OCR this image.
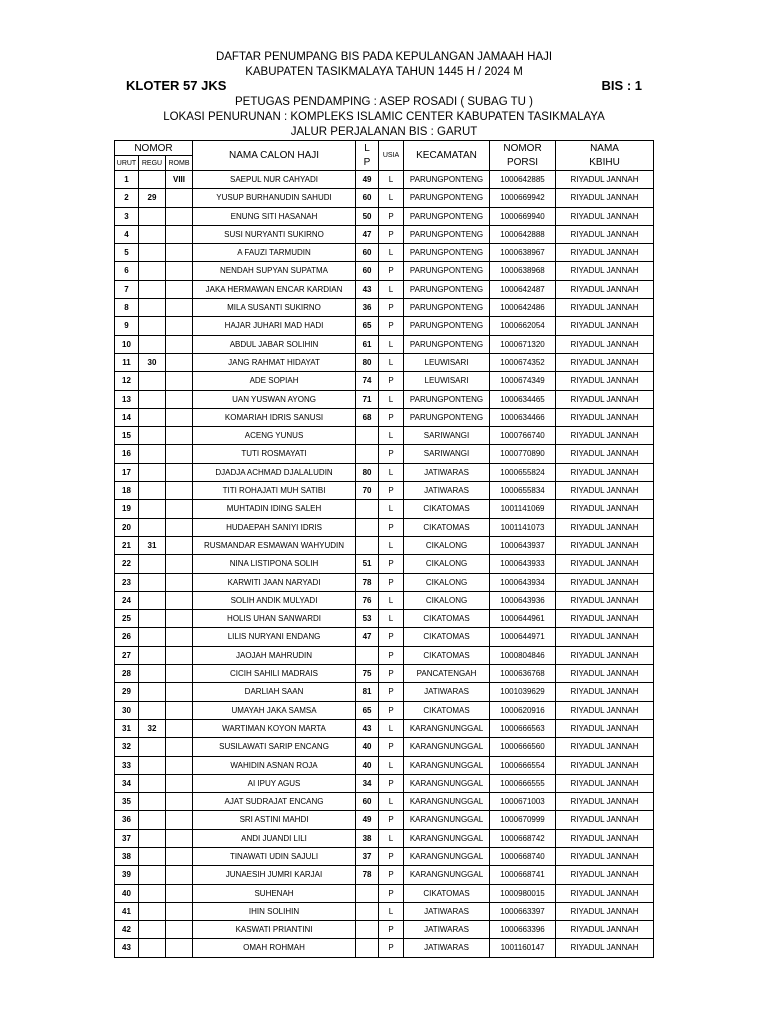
DAFTAR PENUMPANG BIS PADA KEPULANGAN JAMAAH HAJI
KABUPATEN TASIKMALAYA TAHUN 1445 H / 2024 M
KLOTER 57 JKS	BIS : 1
PETUGAS PENDAMPING : ASEP ROSADI ( SUBAG TU )
LOKASI PENURUNAN : KOMPLEKS ISLAMIC CENTER KABUPATEN TASIKMALAYA
JALUR PERJALANAN BIS : GARUT
NOMOR			NAMA CALON HAJI	L	USIA	KECAMATAN	NOMOR	NAMA
URUT	REGU	ROMB		P			PORSI	KBIHU
1		VIII	SAEPUL NUR CAHYADI	49	L	PARUNGPONTENG	1000642885	RIYADUL JANNAH
2	29		YUSUP BURHANUDIN SAHUDI	60	L	PARUNGPONTENG	1000669942	RIYADUL JANNAH
3			ENUNG SITI HASANAH	50	P	PARUNGPONTENG	1000669940	RIYADUL JANNAH
4			SUSI NURYANTI SUKIRNO	47	P	PARUNGPONTENG	1000642888	RIYADUL JANNAH
5			A FAUZI TARMUDIN	60	L	PARUNGPONTENG	1000638967	RIYADUL JANNAH
6			NENDAH SUPYAN SUPATMA	60	P	PARUNGPONTENG	1000638968	RIYADUL JANNAH
7			JAKA HERMAWAN ENCAR KARDIAN	43	L	PARUNGPONTENG	1000642487	RIYADUL JANNAH
8			MILA SUSANTI SUKIRNO	36	P	PARUNGPONTENG	1000642486	RIYADUL JANNAH
9			HAJAR JUHARI MAD HADI	65	P	PARUNGPONTENG	1000662054	RIYADUL JANNAH
10			ABDUL JABAR SOLIHIN	61	L	PARUNGPONTENG	1000671320	RIYADUL JANNAH
11	30		JANG RAHMAT HIDAYAT	80	L	LEUWISARI	1000674352	RIYADUL JANNAH
12			ADE SOPIAH	74	P	LEUWISARI	1000674349	RIYADUL JANNAH
13			UAN YUSWAN AYONG	71	L	PARUNGPONTENG	1000634465	RIYADUL JANNAH
14			KOMARIAH IDRIS SANUSI	68	P	PARUNGPONTENG	1000634466	RIYADUL JANNAH
15			ACENG YUNUS		L	SARIWANGI	1000766740	RIYADUL JANNAH
16			TUTI ROSMAYATI		P	SARIWANGI	1000770890	RIYADUL JANNAH
17			DJADJA ACHMAD DJALALUDIN	80	L	JATIWARAS	1000655824	RIYADUL JANNAH
18			TITI ROHAJATI MUH SATIBI	70	P	JATIWARAS	1000655834	RIYADUL JANNAH
19			MUHTADIN IDING SALEH		L	CIKATOMAS	1001141069	RIYADUL JANNAH
20			HUDAEPAH SANIYI IDRIS		P	CIKATOMAS	1001141073	RIYADUL JANNAH
21	31		RUSMANDAR ESMAWAN WAHYUDIN		L	CIKALONG	1000643937	RIYADUL JANNAH
22			NINA LISTIPONA SOLIH	51	P	CIKALONG	1000643933	RIYADUL JANNAH
23			KARWITI JAAN NARYADI	78	P	CIKALONG	1000643934	RIYADUL JANNAH
24			SOLIH ANDIK MULYADI	76	L	CIKALONG	1000643936	RIYADUL JANNAH
25			HOLIS UHAN SANWARDI	53	L	CIKATOMAS	1000644961	RIYADUL JANNAH
26			LILIS NURYANI ENDANG	47	P	CIKATOMAS	1000644971	RIYADUL JANNAH
27			JAOJAH MAHRUDIN		P	CIKATOMAS	1000804846	RIYADUL JANNAH
28			CICIH SAHILI MADRAIS	75	P	PANCATENGAH	1000636768	RIYADUL JANNAH
29			DARLIAH SAAN	81	P	JATIWARAS	1001039629	RIYADUL JANNAH
30			UMAYAH JAKA SAMSA	65	P	CIKATOMAS	1000620916	RIYADUL JANNAH
31	32		WARTIMAN KOYON MARTA	43	L	KARANGNUNGGAL	1000666563	RIYADUL JANNAH
32			SUSILAWATI SARIP ENCANG	40	P	KARANGNUNGGAL	1000666560	RIYADUL JANNAH
33			WAHIDIN ASNAN ROJA	40	L	KARANGNUNGGAL	1000666554	RIYADUL JANNAH
34			AI IPUY AGUS	34	P	KARANGNUNGGAL	1000666555	RIYADUL JANNAH
35			AJAT SUDRAJAT ENCANG	60	L	KARANGNUNGGAL	1000671003	RIYADUL JANNAH
36			SRI ASTINI MAHDI	49	P	KARANGNUNGGAL	1000670999	RIYADUL JANNAH
37			ANDI JUANDI LILI	38	L	KARANGNUNGGAL	1000668742	RIYADUL JANNAH
38			TINAWATI UDIN SAJULI	37	P	KARANGNUNGGAL	1000668740	RIYADUL JANNAH
39			JUNAESIH JUMRI KARJAI	78	P	KARANGNUNGGAL	1000668741	RIYADUL JANNAH
40			SUHENAH		P	CIKATOMAS	1000980015	RIYADUL JANNAH
41			IHIN SOLIHIN		L	JATIWARAS	1000663397	RIYADUL JANNAH
42			KASWATI PRIANTINI		P	JATIWARAS	1000663396	RIYADUL JANNAH
43			OMAH ROHMAH		P	JATIWARAS	1001160147	RIYADUL JANNAH
